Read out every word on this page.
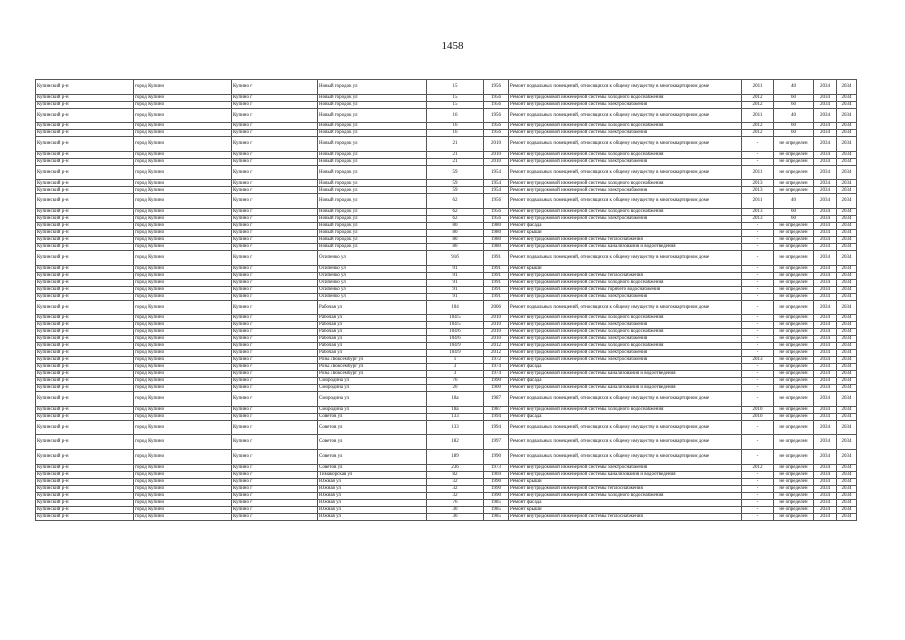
1458
Купинский р-н	город Купино	Купино г	Новый городок ул	15	1956	Ремонт подвальных помещений, относящихся к общему имуществу в многоквартирном доме	2011	40	2034	2034
Купинский р-н	город Купино	Купино г	Новый городок ул	15	1956	Ремонт внутридомовой инженерной системы холодного водоснабжения	2012	60	2034	2034
Купинский р-н	город Купино	Купино г	Новый городок ул	15	1956	Ремонт внутридомовой инженерной системы электроснабжения	2012	60	2034	2034
Купинский р-н	город Купино	Купино г	Новый городок ул	16	1956	Ремонт подвальных помещений, относящихся к общему имуществу в многоквартирном доме	2011	40	2034	2034
Купинский р-н	город Купино	Купино г	Новый городок ул	16	1956	Ремонт внутридомовой инженерной системы холодного водоснабжения	2012	60	2034	2034
Купинский р-н	город Купино	Купино г	Новый городок ул	16	1956	Ремонт внутридомовой инженерной системы электроснабжения	2012	60	2034	2034
Купинский р-н	город Купино	Купино г	Новый городок ул	21	2010	Ремонт подвальных помещений, относящихся к общему имуществу в многоквартирном доме	-	не определен	2034	2034
Купинский р-н	город Купино	Купино г	Новый городок ул	21	2010	Ремонт внутридомовой инженерной системы холодного водоснабжения	-	не определен	2034	2034
Купинский р-н	город Купино	Купино г	Новый городок ул	21	2010	Ремонт внутридомовой инженерной системы электроснабжения	-	не определен	2034	2034
Купинский р-н	город Купино	Купино г	Новый городок ул	59	1954	Ремонт подвальных помещений, относящихся к общему имуществу в многоквартирном доме	2011	не определен	2034	2034
Купинский р-н	город Купино	Купино г	Новый городок ул	59	1954	Ремонт внутридомовой инженерной системы холодного водоснабжения	2013	не определен	2034	2034
Купинский р-н	город Купино	Купино г	Новый городок ул	59	1954	Ремонт внутридомовой инженерной системы электроснабжения	2013	не определен	2034	2034
Купинский р-н	город Купино	Купино г	Новый городок ул	62	1956	Ремонт подвальных помещений, относящихся к общему имуществу в многоквартирном доме	2011	40	2034	2034
Купинский р-н	город Купино	Купино г	Новый городок ул	62	1956	Ремонт внутридомовой инженерной системы холодного водоснабжения	2013	60	2034	2034
Купинский р-н	город Купино	Купино г	Новый городок ул	62	1956	Ремонт внутридомовой инженерной системы электроснабжения	2013	60	2034	2034
Купинский р-н	город Купино	Купино г	Новый городок ул	80	1980	Ремонт фасада	-	не определен	2034	2034
Купинский р-н	город Купино	Купино г	Новый городок ул	80	1980	Ремонт крыши	-	не определен	2034	2034
Купинский р-н	город Купино	Купино г	Новый городок ул	80	1980	Ремонт внутридомовой инженерной системы теплоснабжения	-	не определен	2034	2034
Купинский р-н	город Купино	Купино г	Новый городок ул	80	1980	Ремонт внутридомовой инженерной системы канализования и водоотведения	-	не определен	2034	2034
Купинский р-н	город Купино	Купино г	Осипенко ул	91б	1991	Ремонт подвальных помещений, относящихся к общему имуществу в многоквартирном доме	-	не определен	2034	2034
Купинский р-н	город Купино	Купино г	Осипенко ул	91	1991	Ремонт крыши	-	не определен	2034	2034
Купинский р-н	город Купино	Купино г	Осипенко ул	91	1991	Ремонт внутридомовой инженерной системы теплоснабжения	-	не определен	2034	2034
Купинский р-н	город Купино	Купино г	Осипенко ул	91	1991	Ремонт внутридомовой инженерной системы холодного водоснабжения	-	не определен	2034	2034
Купинский р-н	город Купино	Купино г	Осипенко ул	91	1991	Ремонт внутридомовой инженерной системы горячего водоснабжения	-	не определен	2034	2034
Купинский р-н	город Купино	Купино г	Осипенко ул	91	1991	Ремонт внутридомовой инженерной системы электроснабжения	-	не определен	2034	2034
Купинский р-н	город Купино	Купино г	Рабочая ул	104	2006	Ремонт подвальных помещений, относящихся к общему имуществу в многоквартирном доме	-	не определен	2034	2034
Купинский р-н	город Купино	Купино г	Рабочая ул	104/5	2010	Ремонт внутридомовой инженерной системы холодного водоснабжения	-	не определен	2034	2034
Купинский р-н	город Купино	Купино г	Рабочая ул	104/5	2010	Ремонт внутридомовой инженерной системы электроснабжения	-	не определен	2034	2034
Купинский р-н	город Купино	Купино г	Рабочая ул	104/6	2010	Ремонт внутридомовой инженерной системы холодного водоснабжения	-	не определен	2034	2034
Купинский р-н	город Купино	Купино г	Рабочая ул	104/6	2010	Ремонт внутридомовой инженерной системы электроснабжения	-	не определен	2034	2034
Купинский р-н	город Купино	Купино г	Рабочая ул	104/9	2012	Ремонт внутридомовой инженерной системы холодного водоснабжения	-	не определен	2034	2034
Купинский р-н	город Купино	Купино г	Рабочая ул	104/9	2012	Ремонт внутридомовой инженерной системы электроснабжения	-	не определен	2034	2034
Купинский р-н	город Купино	Купино г	Розы Люксембург ул	1	1972	Ремонт внутридомовой инженерной системы электроснабжения	2013	не определен	2034	2034
Купинский р-н	город Купино	Купино г	Розы Люксембург ул	3	1974	Ремонт фасада	-	не определен	2034	2034
Купинский р-н	город Купино	Купино г	Розы Люксембург ул	3	1974	Ремонт внутридомовой инженерной системы канализования и водоотведения	-	не определен	2034	2034
Купинский р-н	город Купино	Купино г	Смородина ул	76	1990	Ремонт фасада	-	не определен	2034	2034
Купинский р-н	город Купино	Купино г	Смородина ул	20	1900	Ремонт внутридомовой инженерной системы канализования и водоотведения	-	не определен	2034	2034
Купинский р-н	город Купино	Купино г	Смородина ул	18а	1987	Ремонт подвальных помещений, относящихся к общему имуществу в многоквартирном доме	-	не определен	2034	2034
Купинский р-н	город Купино	Купино г	Смородина ул	18а	1987	Ремонт внутридомовой инженерной системы холодного водоснабжения	2010	не определен	2034	2034
Купинский р-н	город Купино	Купино г	Советов ул	133	1994	Ремонт фасада	2010	не определен	2034	2034
Купинский р-н	город Купино	Купино г	Советов ул	133	1994	Ремонт подвальных помещений, относящихся к общему имуществу в многоквартирном доме	-	не определен	2034	2034
Купинский р-н	город Купино	Купино г	Советов ул	182	1997	Ремонт подвальных помещений, относящихся к общему имуществу в многоквартирном доме	-	не определен	2034	2034
Купинский р-н	город Купино	Купино г	Советов ул	189	1990	Ремонт подвальных помещений, относящихся к общему имуществу в многоквартирном доме	-	не определен	2034	2034
Купинский р-н	город Купино	Купино г	Советов ул	236	1973	Ремонт внутридомовой инженерной системы электроснабжения	2012	не определен	2034	2034
Купинский р-н	город Купино	Купино г	Тимакорская ул	82	1969	Ремонт внутридомовой инженерной системы канализования и водоотведения	-	не определен	2034	2034
Купинский р-н	город Купино	Купино г	Южная ул	32	1990	Ремонт крыши	-	не определен	2034	2034
Купинский р-н	город Купино	Купино г	Южная ул	32	1990	Ремонт внутридомовой инженерной системы теплоснабжения	-	не определен	2034	2034
Купинский р-н	город Купино	Купино г	Южная ул	32	1990	Ремонт внутридомовой инженерной системы холодного водоснабжения	-	не определен	2034	2034
Купинский р-н	город Купино	Купино г	Южная ул	76	1985	Ремонт фасада	-	не определен	2034	2034
Купинский р-н	город Купино	Купино г	Южная ул	30	1985	Ремонт крыши	-	не определен	2034	2034
Купинский р-н	город Купино	Купино г	Южная ул	30	1985	Ремонт внутридомовой инженерной системы теплоснабжения	-	не определен	2034	2034
